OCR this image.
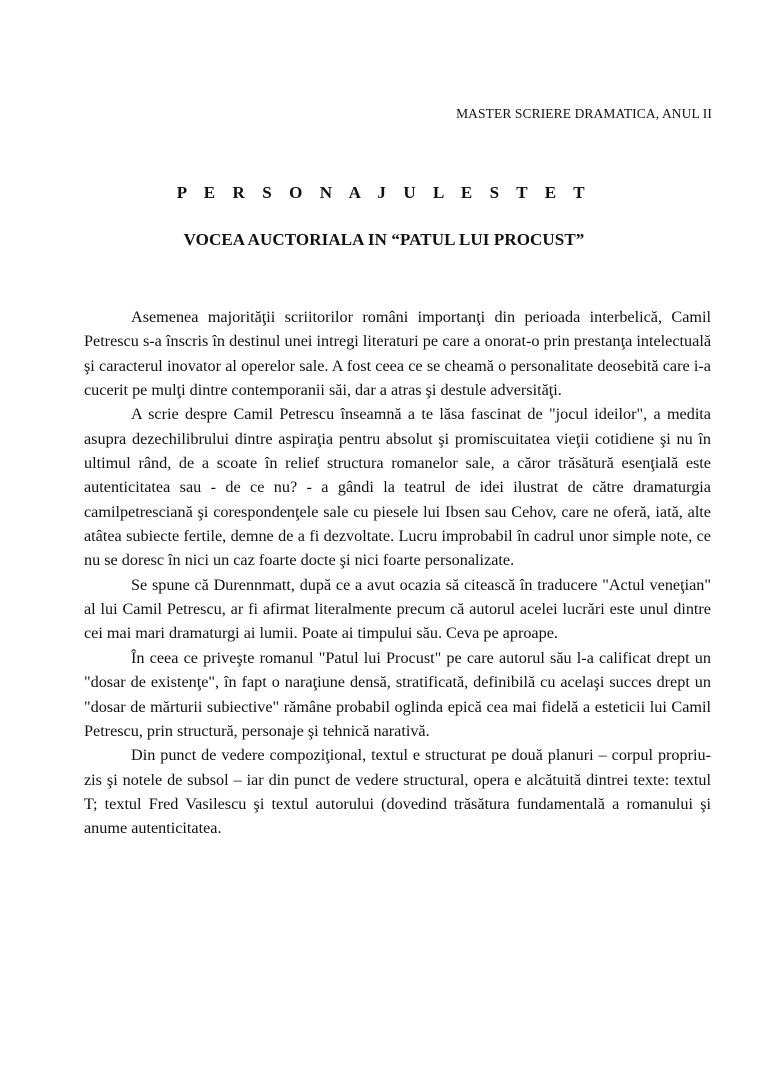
MASTER SCRIERE DRAMATICA, ANUL II
P E R S O N A J U L E S T E T
VOCEA AUCTORIALA IN “PATUL LUI PROCUST”

Asemenea majorităţii scriitorilor români importanţi din perioada interbelică, Camil Petrescu s-a înscris în destinul unei intregi literaturi pe care a onorat-o prin prestanţa intelectuală şi caracterul inovator al operelor sale. A fost ceea ce se cheamă o personalitate deosebită care i-a cucerit pe mulţi dintre contemporanii săi, dar a atras şi destule adversităţi.

A scrie despre Camil Petrescu înseamnă a te lăsa fascinat de "jocul ideilor", a medita asupra dezechilibrului dintre aspiraţia pentru absolut şi promiscuitatea vieţii cotidiene şi nu în ultimul rând, de a scoate în relief structura romanelor sale, a căror trăsătură esenţială este autenticitatea sau - de ce nu? - a gândi la teatrul de idei ilustrat de către dramaturgia camilpetresciană şi corespondenţele sale cu piesele lui Ibsen sau Cehov, care ne oferă, iată, alte atâtea subiecte fertile, demne de a fi dezvoltate. Lucru improbabil în cadrul unor simple note, ce nu se doresc în nici un caz foarte docte şi nici foarte personalizate.

Se spune că Durennmatt, după ce a avut ocazia să citească în traducere "Actul veneţian" al lui Camil Petrescu, ar fi afirmat literalmente precum că autorul acelei lucrări este unul dintre cei mai mari dramaturgi ai lumii. Poate ai timpului său. Ceva pe aproape.

În ceea ce priveşte romanul "Patul lui Procust" pe care autorul său l-a calificat drept un "dosar de existenţe", în fapt o naraţiune densă, stratificată, definibilă cu acelaşi succes drept un "dosar de mărturii subiective" rămâne probabil oglinda epică cea mai fidelă a esteticii lui Camil Petrescu, prin structură, personaje şi tehnică narativă.

Din punct de vedere compoziţional, textul e structurat pe două planuri – corpul propriu-zis şi notele de subsol – iar din punct de vedere structural, opera e alcătuită dintrei texte: textul T; textul Fred Vasilescu şi textul autorului (dovedind trăsătura fundamentală a romanului şi anume autenticitatea.
